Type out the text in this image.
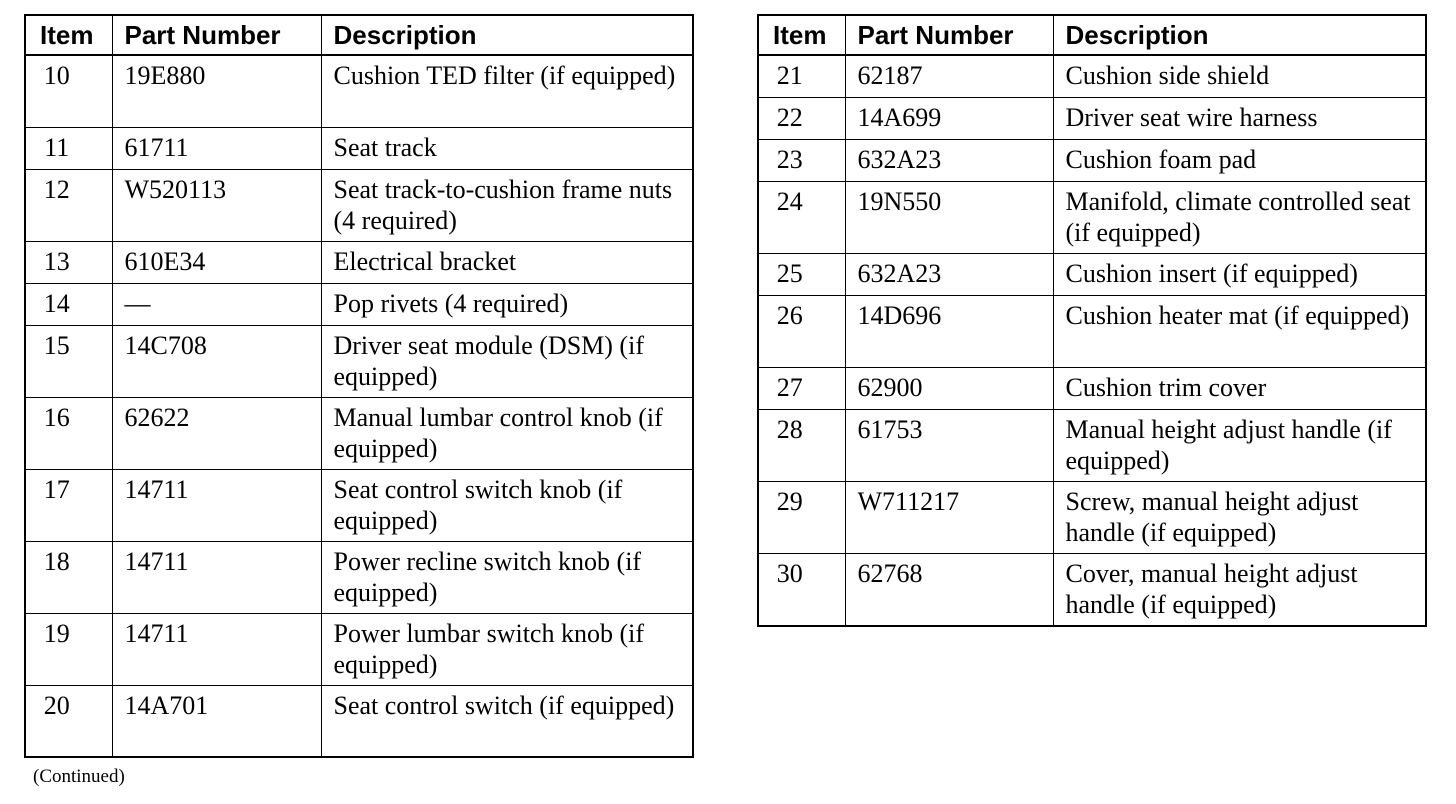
Item	Part Number	Description
10	19E880	Cushion TED filter (if equipped)
11	61711	Seat track
12	W520113	Seat track-to-cushion frame nuts (4 required)
13	610E34	Electrical bracket
14	—	Pop rivets (4 required)
15	14C708	Driver seat module (DSM) (if equipped)
16	62622	Manual lumbar control knob (if equipped)
17	14711	Seat control switch knob (if equipped)
18	14711	Power recline switch knob (if equipped)
19	14711	Power lumbar switch knob (if equipped)
20	14A701	Seat control switch (if equipped)
Item	Part Number	Description
21	62187	Cushion side shield
22	14A699	Driver seat wire harness
23	632A23	Cushion foam pad
24	19N550	Manifold, climate controlled seat (if equipped)
25	632A23	Cushion insert (if equipped)
26	14D696	Cushion heater mat (if equipped)
27	62900	Cushion trim cover
28	61753	Manual height adjust handle (if equipped)
29	W711217	Screw, manual height adjust handle (if equipped)
30	62768	Cover, manual height adjust handle (if equipped)
(Continued)
